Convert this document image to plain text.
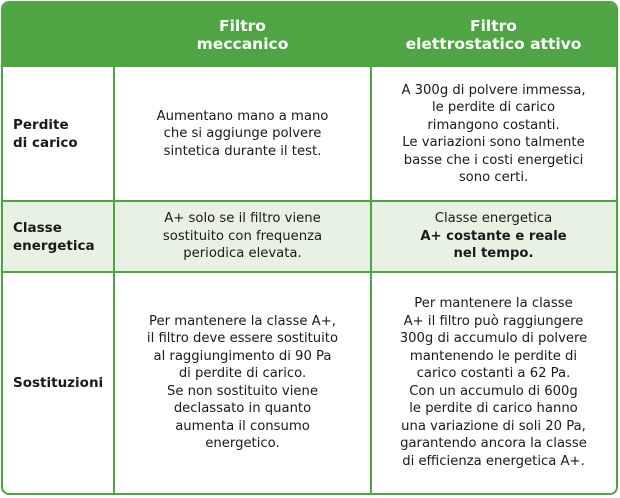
Filtro
meccanico
Filtro
elettrostatico attivo
Perdite
di carico
Aumentano mano a mano
che si aggiunge polvere
sintetica durante il test.
A 300g di polvere immessa,
le perdite di carico
rimangono costanti.
Le variazioni sono talmente
basse che i costi energetici
sono certi.
Classe
energetica
A+ solo se il filtro viene
sostituito con frequenza
periodica elevata.
Classe energetica
A+ costante e reale
nel tempo.
Sostituzioni
Per mantenere la classe A+,
il filtro deve essere sostituito
al raggiungimento di 90 Pa
di perdite di carico.
Se non sostituito viene
declassato in quanto
aumenta il consumo
energetico.
Per mantenere la classe
A+ il filtro può raggiungere
300g di accumulo di polvere
mantenendo le perdite di
carico costanti a 62 Pa.
Con un accumulo di 600g
le perdite di carico hanno
una variazione di soli 20 Pa,
garantendo ancora la classe
di efficienza energetica A+.
